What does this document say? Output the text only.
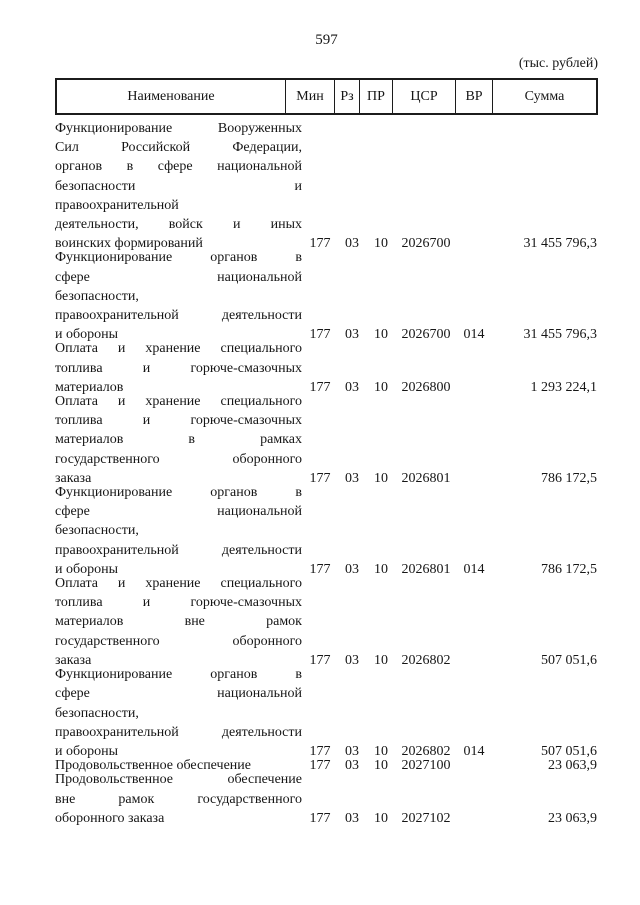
597
(тыс. рублей)
Наименование	Мин	Рз ПР	ЦСР	ВР	Сумма
Функционирование Вооруженных
Сил Российской Федерации,
органов в сфере национальной
безопасности и
правоохранительной
деятельности, войск и иных
воинских формирований	177	03	10 2026700	31 455 796,3
Функционирование органов в
сфере национальной
безопасности,
правоохранительной деятельности
и обороны	177	03	10 2026700 014	31 455 796,3
Оплата и хранение специального
топлива и горюче-смазочных
материалов	177	03	10 2026800	1 293 224,1
Оплата и хранение специального
топлива и горюче-смазочных
материалов в рамках
государственного оборонного
заказа	177	03	10 2026801	786 172,5
Функционирование органов в
сфере национальной
безопасности,
правоохранительной деятельности
и обороны	177	03	10 2026801 014	786 172,5
Оплата и хранение специального
топлива и горюче-смазочных
материалов вне рамок
государственного оборонного
заказа	177	03	10 2026802	507 051,6
Функционирование органов в
сфере национальной
безопасности,
правоохранительной деятельности
и обороны	177	03	10 2026802 014	507 051,6
Продовольственное обеспечение	177	03	10 2027100	23 063,9
Продовольственное обеспечение
вне рамок государственного
оборонного заказа	177	03	10 2027102	23 063,9
